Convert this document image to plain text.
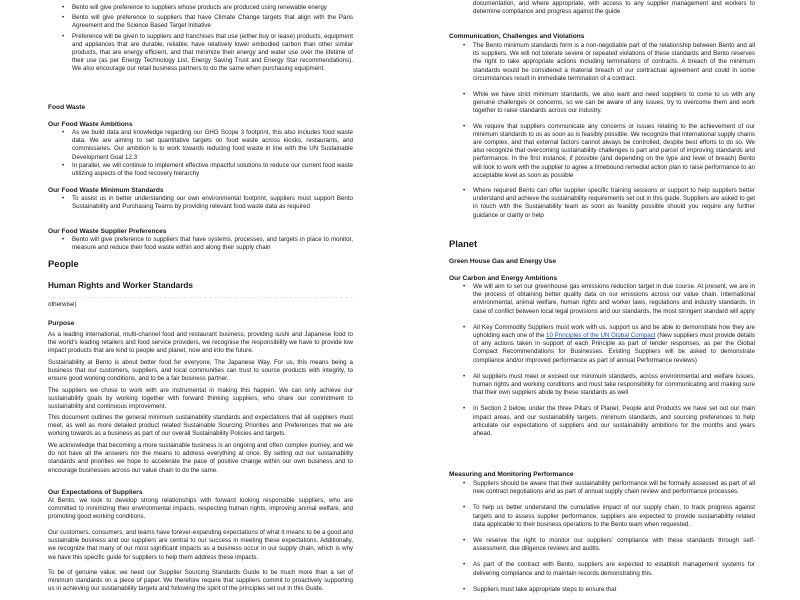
• Bento will give preference to suppliers whose products are produced using renewable energy
• Bento will give preference to suppliers that have Climate Change targets that align with the Paris Agreement and the Science Based Target Initiative
• Preference will be given to suppliers and franchises that use (either buy or lease) products, equipment and appliances that are durable, reliable, have relatively lower embodied carbon than other similar products, that are energy efficient, and that minimize their energy and water use over the lifetime of their use (as per Energy Technology List, Energy Saving Trust and Energy Star recommendations). We also encourage our retail business partners to do the same when purchasing equipment.
Food Waste
Our Food Waste Ambitions
• As we build data and knowledge regarding our GHG Scope 3 footprint, this also includes food waste data. We are aiming to set quantitative targets on food waste across kiosks, restaurants, and commissaries. Our ambition is to work towards reducing food waste in line with the UN Sustainable Development Goal 12.3
• In parallel, we will continue to implement effective impactful solutions to reduce our current food waste utilizing aspects of the food recovery hierarchy
Our Food Waste Minimum Standards
• To assist us in better understanding our own environmental footprint, suppliers must support Bento Sustainability and Purchasing Teams by providing relevant food waste data as required
Our Food Waste Supplier Preferences
• Bento will give preference to suppliers that have systems, processes, and targets in place to monitor, measure and reduce their food waste within and along their supply chain
People
Human Rights and Worker Standards
otherwise)
Purpose
As a leading international, multi-channel food and restaurant business, providing sushi and Japanese food to the world's leading retailers and food service providers, we recognise the responsibility we have to provide low impact products that are kind to people and planet, now and into the future.
Sustainability at Bento is about better food for everyone, The Japanese Way. For us, this means being a business that our customers, suppliers, and local communities can trust to source products with integrity, to ensure good working conditions, and to be a fair business partner.
The suppliers we chose to work with are instrumental in making this happen. We can only achieve our sustainability goals by working together with forward thinking suppliers, who share our commitment to sustainability and continuous improvement.
This document outlines the general minimum sustainability standards and expectations that all suppliers must meet, as well as more detailed product related Sustainable Sourcing Priorities and Preferences that we are working towards as a business as part of our overall Sustainability Policies and targets.
We acknowledge that becoming a more sustainable business is an ongoing and often complex journey, and we do not have all the answers nor the means to address everything at once. By setting out our sustainability standards and priorities we hope to accelerate the pace of positive change within our own business and to encourage businesses across our value chain to do the same.
Our Expectations of Suppliers
At Bento, we look to develop strong relationships with forward looking responsible suppliers, who are committed to minimizing their environmental impacts, respecting human rights, improving animal welfare, and promoting good working conditions.
Our customers, consumers, and teams have forever-expanding expectations of what it means to be a good and sustainable business and our suppliers are central to our success in meeting these expectations. Additionally, we recognize that many of our most significant impacts as a business occur in our supply chain, which is why we have this specific guide for suppliers to help them address these impacts.
To be of genuine value, we need our Supplier Sourcing Standards Guide to be much more than a set of minimum standards on a piece of paper. We therefore require that suppliers commit to proactively supporting us in achieving our sustainability targets and following the spirit of the principles set out in this Guide.
documentation, and where appropriate, with access to any supplier management and workers to determine compliance and progress against the guide
Communication, Challenges and Violations
• The Bento minimum standards form is a non-negotiable part of the relationship between Bento and all its suppliers. We will not tolerate severe or repeated violations of these standards and Bento reserves the right to take appropriate actions including terminations of contracts. A breach of the minimum standards would be considered a material breach of our contractual agreement and could in some circumstances result in immediate termination of a contract.
• While we have strict minimum standards, we also want and need suppliers to come to us with any genuine challenges or concerns, so we can be aware of any issues, try to overcome them and work together to raise standards across our industry.
• We require that suppliers communicate any concerns or issues relating to the achievement of our minimum standards to us as soon as is feasibly possible. We recognize that international supply chains are complex, and that external factors cannot always be controlled, despite best efforts to do so. We also recognize that overcoming sustainability challenges is part and parcel of improving standards and performance. In the first instance, if possible (and depending on the type and level of breach) Bento will look to work with the supplier to agree a timebound remedial action plan to raise performance to an acceptable level as soon as possible
• Where required Bento can offer supplier specific training sessions or support to help suppliers better understand and achieve the sustainability requirements set out in this guide. Suppliers are asked to get in touch with the Sustainability team as soon as feasibly possible should you require any further guidance or clarity or help
Planet
Green House Gas and Energy Use
Our Carbon and Energy Ambitions
• We will aim to set our greenhouse gas emissions reduction target in due course. At present, we are in the process of obtaining better quality data on our emissions across our value chain. International environmental, animal welfare, human rights and worker laws, regulations and industry standards. In case of conflict between local legal provisions and our standards, the most stringent standard will apply
• All Key Commodity Suppliers must work with us, support us and be able to demonstrate how they are upholding each one of the 10 Principles of the UN Global Compact (New suppliers must provide details of any actions taken in support of each Principle as part of tender responses, as per the Global Compact Recommendations for Businesses. Existing Suppliers will be asked to demonstrate compliance and/or improved performance as part of annual Performance reviews)
• All suppliers must meet or exceed our minimum standards, across environmental and welfare issues, human rights and working conditions and must take responsibility for communicating and making sure that their own suppliers abide by these standards as well
• In Section 2 below, under the three Pillars of Planet, People and Products we have set out our main impact areas, and our sustainability targets, minimum standards, and sourcing preferences to help articulate our expectations of suppliers and our sustainability ambitions for the months and years ahead.
Measuring and Monitoring Performance
• Suppliers should be aware that their sustainability performance will be formally assessed as part of all new contract negotiations and as part of annual supply chain review and performance processes.
• To help us better understand the cumulative impact of our supply chain, to track progress against targets and to assess supplier performance, suppliers are expected to provide sustainability related data applicable to their business operations to the Bento team when requested.
• We reserve the right to monitor our suppliers' compliance with these standards through self-assessment, due diligence reviews and audits.
• As part of the contract with Bento, suppliers are expected to establish management systems for delivering compliance and to maintain records demonstrating this.
• Suppliers must take appropriate steps to ensure that
